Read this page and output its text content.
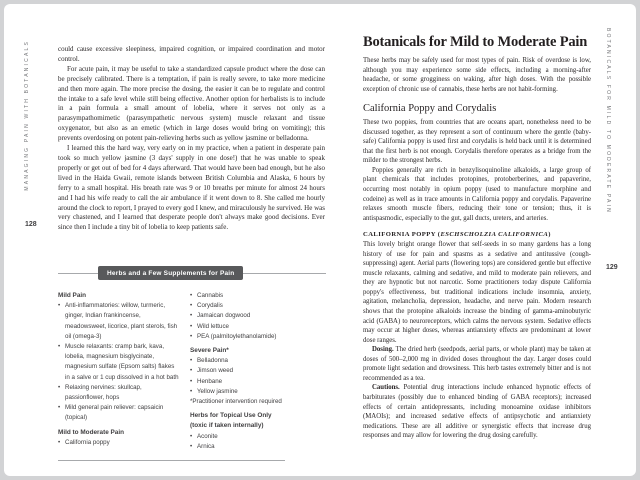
MANAGING PAIN WITH BOTANICALS
128

could cause excessive sleepiness, impaired cognition, or impaired coordination and motor control.

For acute pain, it may be useful to take a standardized capsule product where the dose can be precisely calibrated. There is a temptation, if pain is really severe, to take more medicine and then more again. The more precise the dosing, the easier it can be to regulate and control the intake to a safe level while still being effective. Another option for herbalists is to include in a pain formula a small amount of lobelia, where it serves not only as a parasympathomimetic (parasympathetic nervous system) muscle relaxant and tissue oxygenator, but also as an emetic (which in large doses would bring on vomiting); this prevents overdosing on potent pain-relieving herbs such as yellow jasmine or belladonna.

I learned this the hard way, very early on in my practice, when a patient in desperate pain took so much yellow jasmine (3 days' supply in one dose!) that he was unable to speak properly or get out of bed for 4 days afterward. That would have been bad enough, but he also lived in the Haida Gwaii, remote islands between British Columbia and Alaska, 6 hours by ferry to a small hospital. His breath rate was 9 or 10 breaths per minute for almost 24 hours and I had his wife ready to call the air ambulance if it went down to 8. She called me hourly around the clock to report, I prayed to every god I knew, and miraculously he survived. He was very chastened, and I learned that desperate people don't always make good decisions. Ever since then I include a tiny bit of lobelia to keep patients safe.

Herbs and a Few Supplements for Pain
Mild Pain
• Anti-inflammatories: willow, turmeric, ginger, Indian frankincense, meadowsweet, licorice, plant sterols, fish oil (omega-3)
• Muscle relaxants: cramp bark, kava, lobelia, magnesium bisglycinate, magnesium sulfate (Epsom salts) flakes in a salve or 1 cup dissolved in a hot bath
• Relaxing nervines: skullcap, passionflower, hops
• Mild general pain reliever: capsaicin (topical)
Mild to Moderate Pain
• California poppy
• Cannabis
• Corydalis
• Jamaican dogwood
• Wild lettuce
• PEA (palmitoylethanolamide)
Severe Pain*
• Belladonna
• Jimson weed
• Henbane
• Yellow jasmine
*Practitioner intervention required
Herbs for Topical Use Only
(toxic if taken internally)
• Aconite
• Arnica
Botanicals for Mild to Moderate Pain

These herbs may be safely used for most types of pain. Risk of overdose is low, although you may experience some side effects, including a morning-after headache, or some grogginess on waking, after high doses. With the possible exception of chronic use of cannabis, these herbs are not habit-forming.

California Poppy and Corydalis

These two poppies, from countries that are oceans apart, nonetheless need to be discussed together, as they represent a sort of continuum where the gentle (baby-safe) California poppy is used first and corydalis is held back until it is determined that the first herb is not enough. Corydalis therefore operates as a bridge from the milder to the strongest herbs.

Poppies generally are rich in benzylisoquinoline alkaloids, a large group of plant chemicals that includes protopines, protoberberines, and papaverine, occurring most notably in opium poppy (used to manufacture morphine and codeine) as well as in trace amounts in California poppy and corydalis. Papaverine relaxes smooth muscle fibers, reducing their tone or tension; thus, it is antispasmodic, especially to the gut, gall ducts, ureters, and arteries.

CALIFORNIA POPPY (ESCHSCHOLZIA CALIFORNICA)

This lovely bright orange flower that self-seeds in so many gardens has a long history of use for pain and spasms as a sedative and antitussive (cough-suppressing) agent. Aerial parts (flowering tops) are considered gentle but effective muscle relaxants, calming and sedative, and mild to moderate pain relievers, and they are hypnotic but not narcotic. Some practitioners today dispute California poppy's effectiveness, but traditional indications include insomnia, anxiety, agitation, melancholia, depression, headache, and nerve pain. Modern research shows that the protopine alkaloids increase the binding of gamma-aminobutyric acid (GABA) to neuroreceptors, which calms the nervous system. Sedative effects may occur at higher doses, whereas antianxiety effects are predominant at lower dose ranges.

Dosing. The dried herb (seedpods, aerial parts, or whole plant) may be taken at doses of 500–2,000 mg in divided doses throughout the day. Larger doses could promote light sedation and drowsiness. This herb tastes extremely bitter and is not recommended as a tea.

Cautions. Potential drug interactions include enhanced hypnotic effects of barbiturates (possibly due to enhanced binding of GABA receptors); increased effects of certain antidepressants, including monoamine oxidase inhibitors (MAOIs); and increased sedative effects of antipsychotic and antianxiety medications. These are all additive or synergistic effects that increase drug responses and may allow for lowering the drug dosing carefully.

BOTANICALS FOR MILD TO MODERATE PAIN
129
